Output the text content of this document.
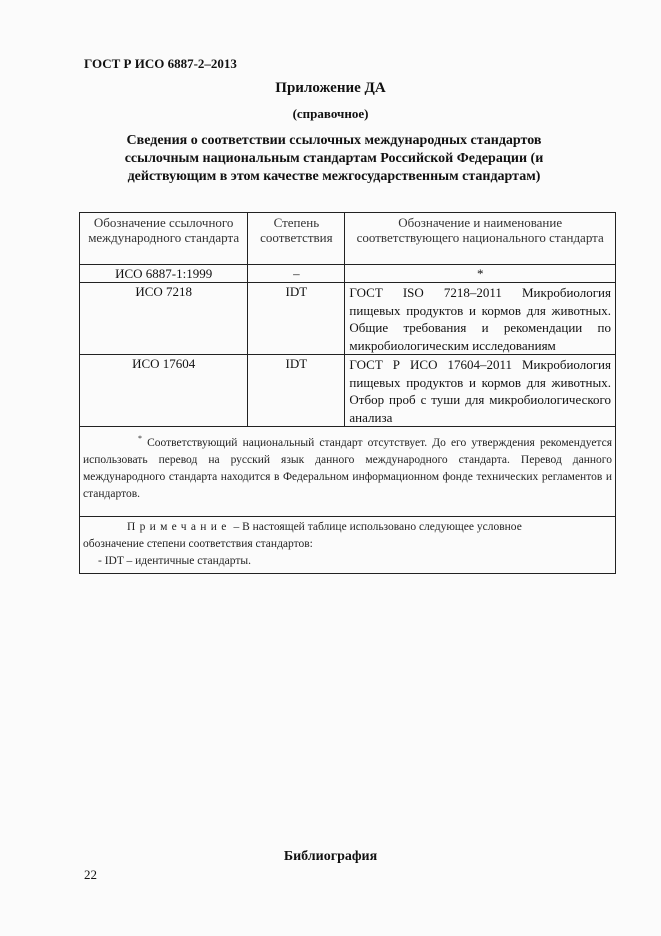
ГОСТ Р ИСО 6887-2–2013
Приложение ДА
(справочное)
Сведения о соответствии ссылочных международных стандартов
ссылочным национальным стандартам Российской Федерации (и
действующим в этом качестве межгосударственным стандартам)
Обозначение ссылочного международного стандарта	Степень соответствия	Обозначение и наименование соответствующего национального стандарта
ИСО 6887-1:1999	–	*
ИСО 7218	IDT	ГОСТ ISO 7218–2011 Микробиология пищевых продуктов и кормов для животных. Общие требования и рекомендации по микробиологическим исследованиям
ИСО 17604	IDT	ГОСТ Р ИСО 17604–2011 Микробиология пищевых продуктов и кормов для животных. Отбор проб с туши для микробиологического анализа

* Соответствующий национальный стандарт отсутствует. До его утверждения рекомендуется использовать перевод на русский язык данного международного стандарта. Перевод данного международного стандарта находится в Федеральном информационном фонде технических регламентов и стандартов.		

Примечание – В настоящей таблице использовано следующее условное
обозначение степени соответствия стандартов:
- IDT – идентичные стандарты.		
Библиография
22
